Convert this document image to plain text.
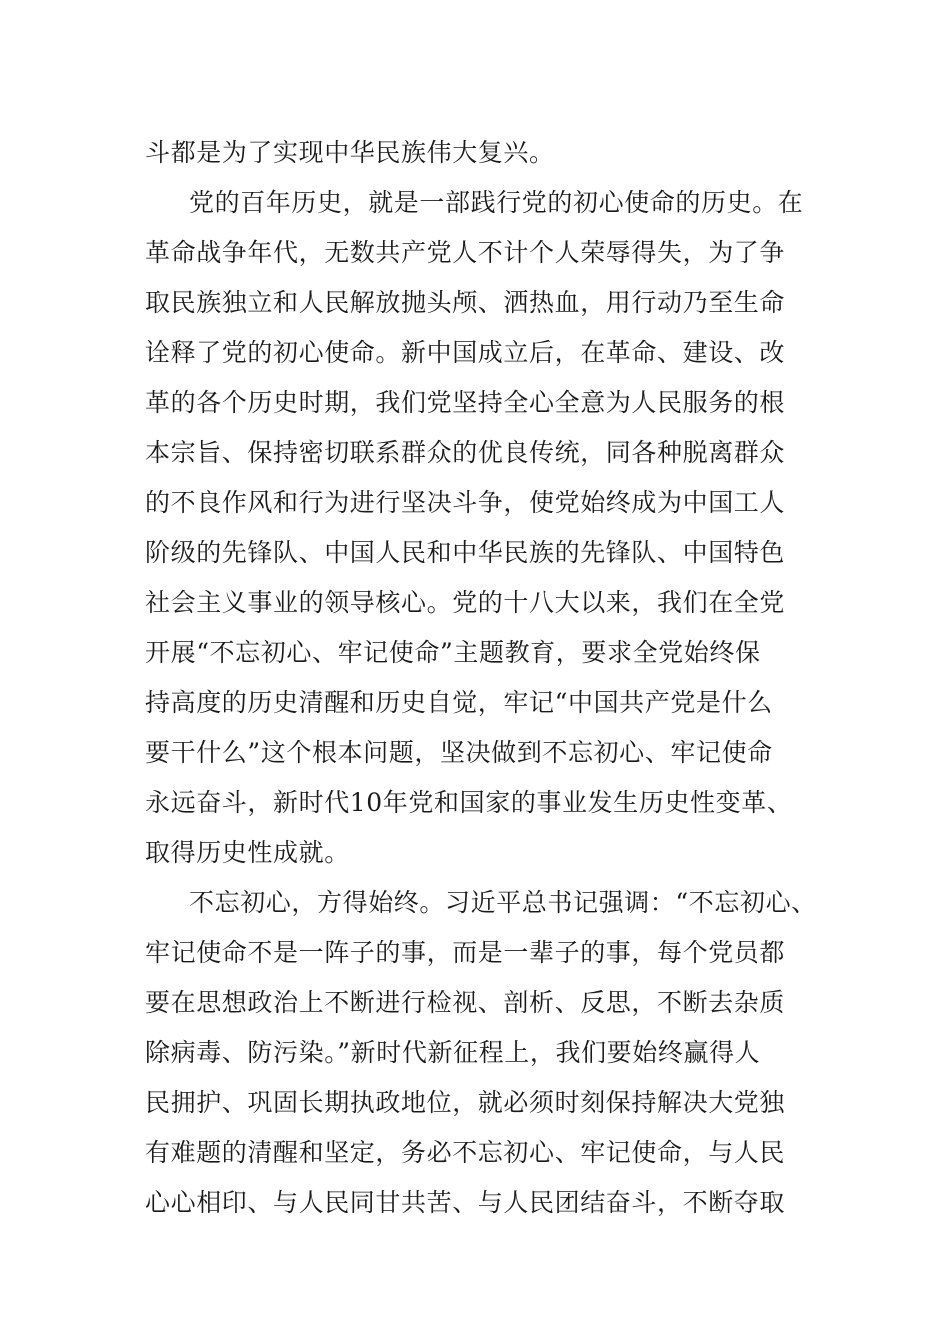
斗都是为了实现中华民族伟大复兴。
党的百年历史，就是一部践行党的初心使命的历史。在
革命战争年代，无数共产党人不计个人荣辱得失，为了争
取民族独立和人民解放抛头颅、洒热血，用行动乃至生命
诠释了党的初心使命。新中国成立后，在革命、建设、改
革的各个历史时期，我们党坚持全心全意为人民服务的根
本宗旨、保持密切联系群众的优良传统，同各种脱离群众
的不良作风和行为进行坚决斗争，使党始终成为中国工人
阶级的先锋队、中国人民和中华民族的先锋队、中国特色
社会主义事业的领导核心。党的十八大以来，我们在全党
开展“不忘初心、牢记使命”主题教育，要求全党始终保
持高度的历史清醒和历史自觉，牢记“中国共产党是什么
要干什么”这个根本问题，坚决做到不忘初心、牢记使命
永远奋斗，新时代10年党和国家的事业发生历史性变革、
取得历史性成就。
不忘初心，方得始终。习近平总书记强调：“不忘初心、
牢记使命不是一阵子的事，而是一辈子的事，每个党员都
要在思想政治上不断进行检视、剖析、反思，不断去杂质
除病毒、防污染。”新时代新征程上，我们要始终赢得人
民拥护、巩固长期执政地位，就必须时刻保持解决大党独
有难题的清醒和坚定，务必不忘初心、牢记使命，与人民
心心相印、与人民同甘共苦、与人民团结奋斗，不断夺取
